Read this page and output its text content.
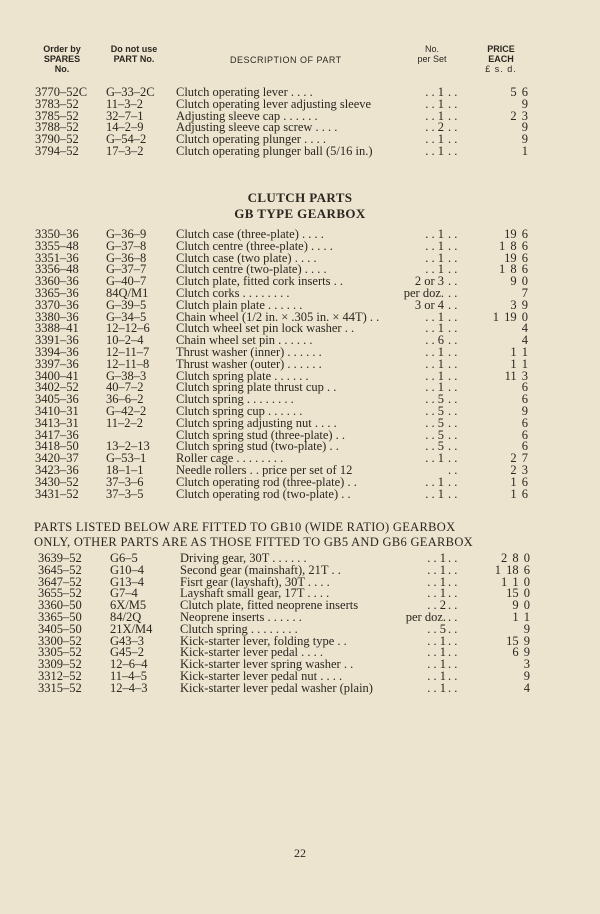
Order by
SPARES
No.
Do not use
PART No.	DESCRIPTION OF PART
No.
per Set
PRICE
EACH
£ s. d.
3770–52C G–33–2C Clutch operating lever . . . .	. . 1 . .	5 6
3783–52 11–3–2	Clutch operating lever adjusting sleeve	. . 1 . .	9
3785–52 32–7–1	Adjusting sleeve cap . . . . . .	. . 1 . .	2 3
3788–52 14–2–9	Adjusting sleeve cap screw . . . .	. . 2 . .	9
3790–52 G–54–2 Clutch operating plunger . . . .	. . 1 . .	9
3794–52 17–3–2	Clutch operating plunger ball (5/16 in.)	. . 1 . .	1
CLUTCH PARTS
GB TYPE GEARBOX
3350–36 G–36–9 Clutch case (three-plate) . . . .	. . 1 . .	19 6
3355–48 G–37–8 Clutch centre (three-plate) . . . .	. . 1 . .	1 8 6
3351–36 G–36–8 Clutch case (two plate) . . . .	. . 1 . .	19 6
3356–48 G–37–7 Clutch centre (two-plate) . . . .	. . 1 . .	1 8 6
3360–36 G–40–7 Clutch plate, fitted cork inserts . .	2 or 3 . .	9 0
3365–36 84Q/M1 Clutch corks . . . . . . . .	per doz. . .	7
3370–36 G–39–5 Clutch plain plate . . . . . .	3 or 4 . .	3 9
3380–36 G–34–5 Chain wheel (1/2 in. × .305 in. × 44T) . .	. . 1 . .	1 19 0
3388–41 12–12–6 Clutch wheel set pin lock washer . .	. . 1 . .	4
3391–36 10–2–4	Chain wheel set pin . . . . . .	. . 6 . .	4
3394–36 12–11–7 Thrust washer (inner) . . . . . .	. . 1 . .	1 1
3397–36 12–11–8 Thrust washer (outer) . . . . . .	. . 1 . .	1 1
3400–41 G–38–3 Clutch spring plate . . . . . .	. . 1 . .	11 3
3402–52 40–7–2	Clutch spring plate thrust cup . .	. . 1 . .	6
3405–36 36–6–2	Clutch spring . . . . . . . .	. . 5 . .	6
3410–31 G–42–2 Clutch spring cup . . . . . .	. . 5 . .	9
3413–31 11–2–2	Clutch spring adjusting nut . . . .	. . 5 . .	6
3417–36	Clutch spring stud (three-plate) . .	. . 5 . .	6
3418–50 13–2–13 Clutch spring stud (two-plate) . .	. . 5 . .	6
3420–37 G–53–1 Roller cage . . . . . . . .	. . 1 . .	2 7
3423–36 18–1–1	Needle rollers . . price per set of 12	. .	2 3
3430–52 37–3–6	Clutch operating rod (three-plate) . .	. . 1 . .	1 6
3431–52 37–3–5	Clutch operating rod (two-plate) . .	. . 1 . .	1 6
PARTS LISTED BELOW ARE FITTED TO GB10 (WIDE RATIO) GEARBOX
ONLY, OTHER PARTS ARE AS THOSE FITTED TO GB5 AND GB6 GEARBOX
3639–52 G6–5	Driving gear, 30T . . . . . .	. . 1 . .	2 8 0
3645–52 G10–4	Second gear (mainshaft), 21T . .	. . 1 . .	1 18 6
3647–52 G13–4	Fisrt gear (layshaft), 30T . . . .	. . 1 . .	1 1 0
3655–52 G7–4	Layshaft small gear, 17T . . . .	. . 1 . .	15 0
3360–50 6X/M5	Clutch plate, fitted neoprene inserts	. . 2 . .	9 0
3365–50 84/2Q	Neoprene inserts . . . . . .	per doz. . .	1 1
3405–50 21X/M4 Clutch spring . . . . . . . .	. . 5 . .	9
3300–52 G43–3	Kick-starter lever, folding type . .	. . 1 . .	15 9
3305–52 G45–2	Kick-starter lever pedal . . . .	. . 1 . .	6 9
3309–52 12–6–4	Kick-starter lever spring washer . .	. . 1 . .	3
3312–52 11–4–5	Kick-starter lever pedal nut . . . .	. . 1 . .	9
3315–52 12–4–3	Kick-starter lever pedal washer (plain)	. . 1 . .	4
22
